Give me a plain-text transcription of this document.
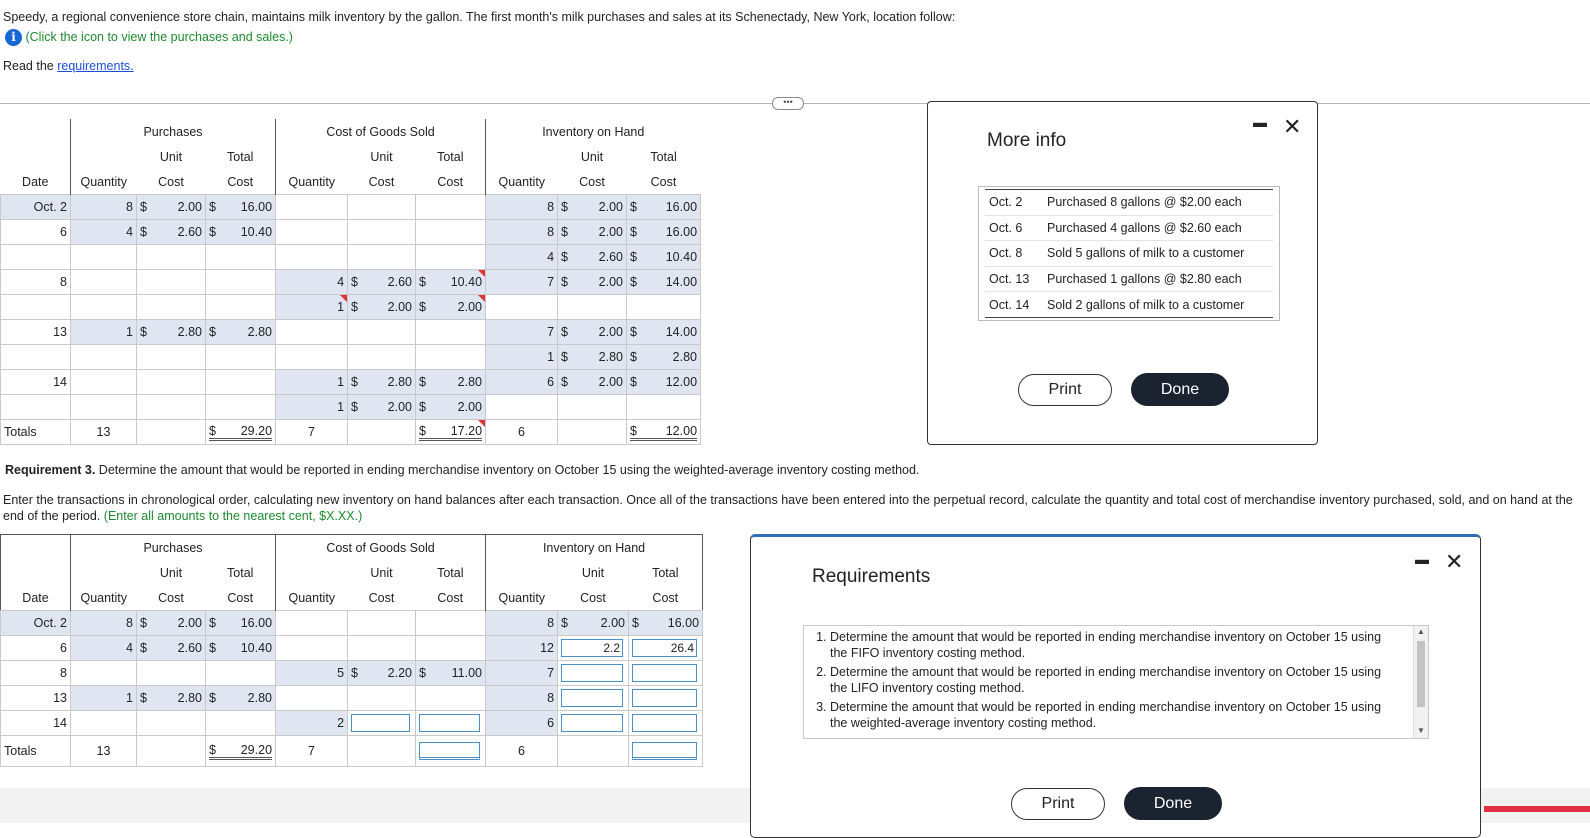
Speedy, a regional convenience store chain, maintains milk inventory by the gallon. The first month's milk purchases and sales at its Schenectady, New York, location follow:
i (Click the icon to view the purchases and sales.)
Read the requirements.
•••
	Purchases			Cost of Goods Sold			Inventory on Hand		
		Unit	Total		Unit	Total		Unit	Total
Date	Quantity	Cost	Cost	Quantity	Cost	Cost	Quantity	Cost	Cost
Oct. 2	8	$ 2.00	$ 16.00				8	$ 2.00	$ 16.00
6	4	$ 2.60	$ 10.40				8	$ 2.00	$ 16.00
							4	$ 2.60	$ 10.40
8				4	$ 2.60	$ 10.40	7	$ 2.00	$ 14.00
				1	$ 2.00	$ 2.00			
13	1	$ 2.80	$ 2.80				7	$ 2.00	$ 14.00
							1	$ 2.80	$ 2.80
14				1	$ 2.80	$ 2.80	6	$ 2.00	$ 12.00
				1	$ 2.00	$ 2.00			
Totals	13		$ 29.20	7		$ 17.20	6		$ 12.00
Requirement 3. Determine the amount that would be reported in ending merchandise inventory on October 15 using the weighted-average inventory costing method.
Enter the transactions in chronological order, calculating new inventory on hand balances after each transaction. Once all of the transactions have been entered into the perpetual record, calculate the quantity and total cost of merchandise inventory purchased, sold, and on hand at the end of the period. (Enter all amounts to the nearest cent, $X.XX.)
	Purchases			Cost of Goods Sold			Inventory on Hand		
		Unit	Total		Unit	Total		Unit	Total
Date	Quantity	Cost	Cost	Quantity	Cost	Cost	Quantity	Cost	Cost
Oct. 2	8	$ 2.00	$ 16.00				8	$ 2.00	$ 16.00
6	4	$ 2.60	$ 10.40				12	2.2	26.4

8				5	$ 2.20	$ 11.00	7	

13	1	$ 2.80	$ 2.80				8	

14				2			6	

Totals	13		$ 29.20	7			6		
More info
▬ ✕
Oct. 2	Purchased 8 gallons @ $2.00 each
Oct. 6	Purchased 4 gallons @ $2.60 each
Oct. 8	Sold 5 gallons of milk to a customer
Oct. 13	Purchased 1 gallons @ $2.80 each
Oct. 14	Sold 2 gallons of milk to a customer
Print	Done
Requirements
▬ ✕
1. Determine the amount that would be reported in ending merchandise inventory on October 15 using the FIFO inventory costing method.
2. Determine the amount that would be reported in ending merchandise inventory on October 15 using the LIFO inventory costing method.
3. Determine the amount that would be reported in ending merchandise inventory on October 15 using the weighted-average inventory costing method.
▲
▼
Print	Done
